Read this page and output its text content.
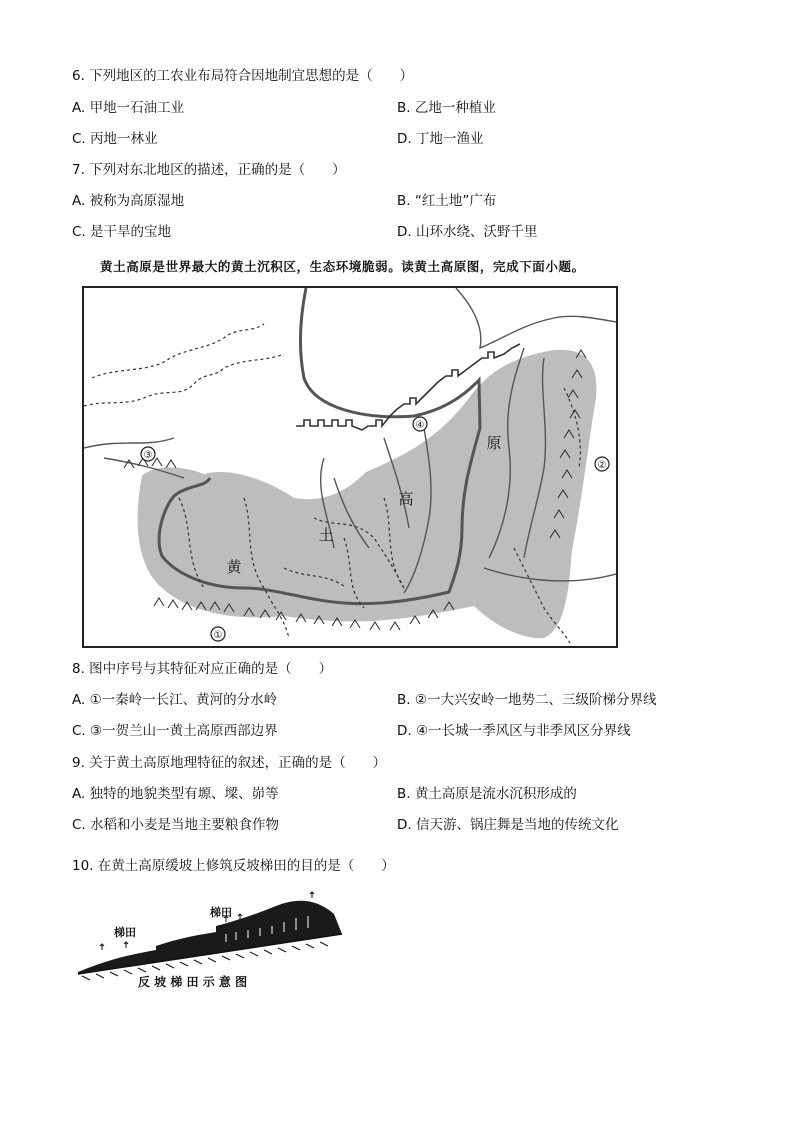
6. 下列地区的工农业布局符合因地制宜思想的是（　　）
A. 甲地一石油工业	B. 乙地一种植业
C. 丙地一林业	D. 丁地一渔业
7. 下列对东北地区的描述，正确的是（　　）
A. 被称为高原湿地	B. “红土地”广布
C. 是干旱的宝地	D. 山环水绕、沃野千里
黄土高原是世界最大的黄土沉积区，生态环境脆弱。读黄土高原图，完成下面小题。
①
②
③
④
黄
土
高
原
8. 图中序号与其特征对应正确的是（　　）
A. ①一秦岭一长江、黄河的分水岭	B. ②一大兴安岭一地势二、三级阶梯分界线
C. ③一贺兰山一黄土高原西部边界	D. ④一长城一季风区与非季风区分界线
9. 关于黄土高原地理特征的叙述，正确的是（　　）
A. 独特的地貌类型有塬、墚、峁等	B. 黄土高原是流水沉积形成的
C. 水稻和小麦是当地主要粮食作物	D. 信天游、锅庄舞是当地的传统文化
10. 在黄土高原缓坡上修筑反坡梯田的目的是（　　）
梯田
梯田
反 坡 梯 田 示 意 图
